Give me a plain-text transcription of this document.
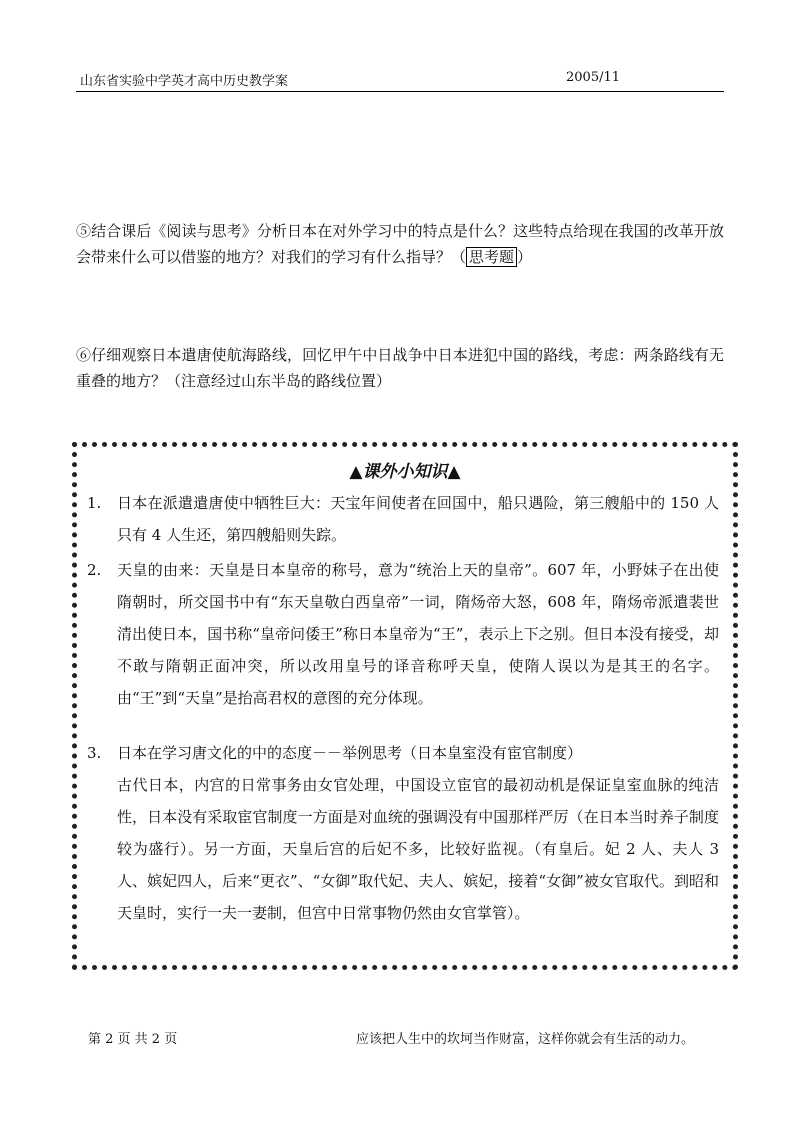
山东省实验中学英才高中历史教学案	2005/11
⑤结合课后《阅读与思考》分析日本在对外学习中的特点是什么？这些特点给现在我国的改革开放会带来什么可以借鉴的地方？对我们的学习有什么指导？（ 思考题 ）
⑥仔细观察日本遣唐使航海路线，回忆甲午中日战争中日本进犯中国的路线，考虑：两条路线有无重叠的地方？（注意经过山东半岛的路线位置）
▲课外小知识▲
1. 日本在派遣遣唐使中牺牲巨大：天宝年间使者在回国中，船只遇险，第三艘船中的 150 人只有 4 人生还，第四艘船则失踪。
2. 天皇的由来：天皇是日本皇帝的称号，意为“统治上天的皇帝”。607 年，小野妹子在出使隋朝时，所交国书中有“东天皇敬白西皇帝”一词，隋炀帝大怒，608 年，隋炀帝派遣裴世清出使日本，国书称“皇帝问倭王”称日本皇帝为“王”，表示上下之别。但日本没有接受，却不敢与隋朝正面冲突，所以改用皇号的译音称呼天皇，使隋人误以为是其王的名字。由“王”到“天皇”是抬高君权的意图的充分体现。
3. 日本在学习唐文化的中的态度－－举例思考（日本皇室没有宦官制度）
古代日本，内宫的日常事务由女官处理，中国设立宦官的最初动机是保证皇室血脉的纯洁性，日本没有采取宦官制度一方面是对血统的强调没有中国那样严厉（在日本当时养子制度较为盛行）。另一方面，天皇后宫的后妃不多，比较好监视。（有皇后。妃 2 人、夫人 3 人、嫔妃四人，后来“更衣”、“女御”取代妃、夫人、嫔妃，接着“女御”被女官取代。到昭和天皇时，实行一夫一妻制，但宫中日常事物仍然由女官掌管）。
第 2 页 共 2 页	应该把人生中的坎坷当作财富，这样你就会有生活的动力。
